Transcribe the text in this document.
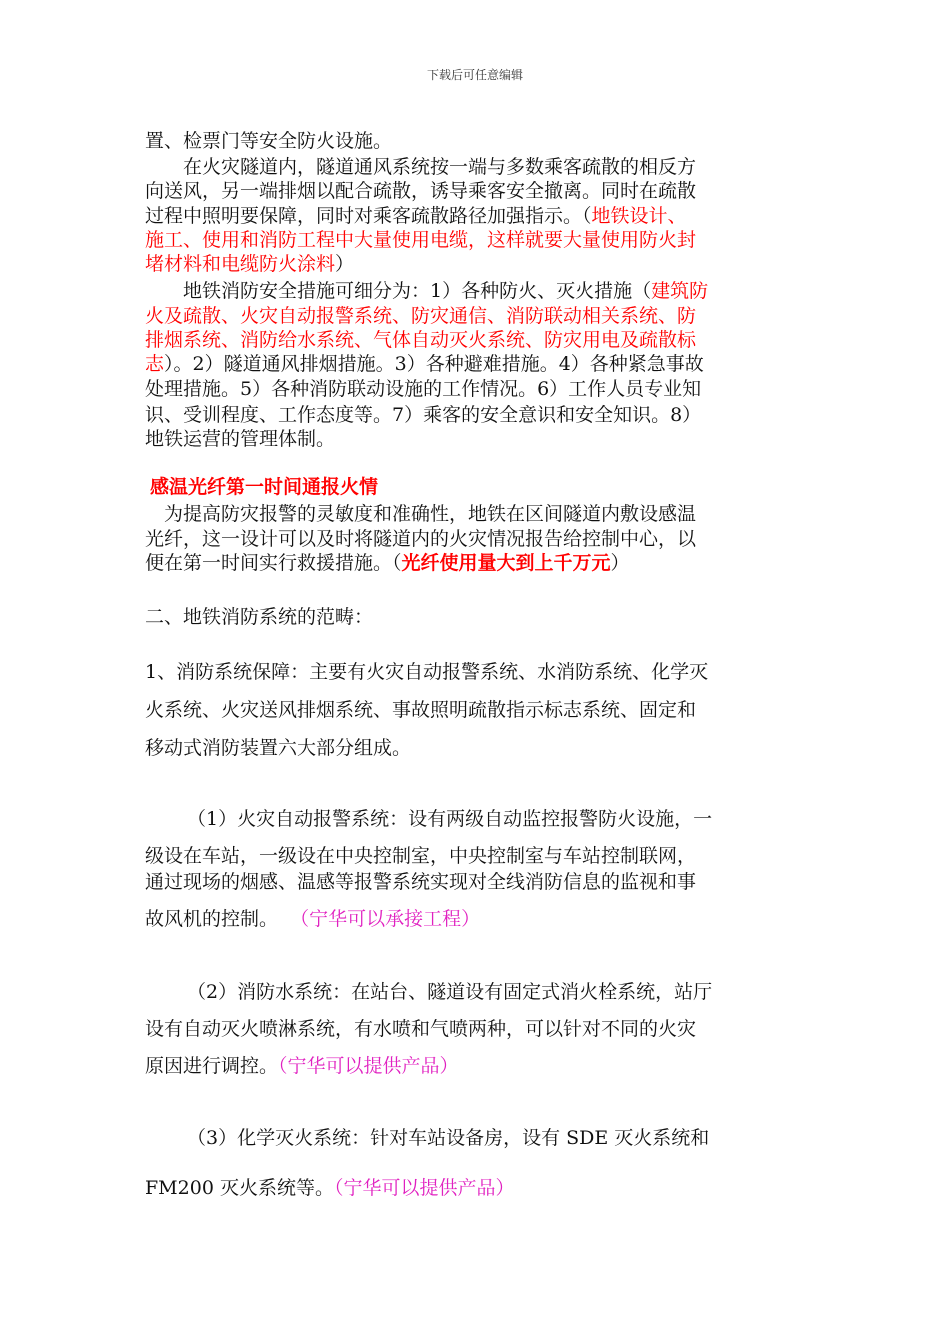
下载后可任意编辑
置、检票门等安全防火设施。
　　在火灾隧道内，隧道通风系统按一端与多数乘客疏散的相反方
向送风，另一端排烟以配合疏散，诱导乘客安全撤离。同时在疏散
过程中照明要保障，同时对乘客疏散路径加强指示。（地铁设计、
施工、使用和消防工程中大量使用电缆，这样就要大量使用防火封
堵材料和电缆防火涂料）
　　地铁消防安全措施可细分为：1）各种防火、灭火措施（建筑防
火及疏散、火灾自动报警系统、防灾通信、消防联动相关系统、防
排烟系统、消防给水系统、气体自动灭火系统、防灾用电及疏散标
志）。2）隧道通风排烟措施。3）各种避难措施。4）各种紧急事故
处理措施。5）各种消防联动设施的工作情况。6）工作人员专业知
识、受训程度、工作态度等。7）乘客的安全意识和安全知识。8）
地铁运营的管理体制。
感温光纤第一时间通报火情
　为提高防灾报警的灵敏度和准确性，地铁在区间隧道内敷设感温
光纤，这一设计可以及时将隧道内的火灾情况报告给控制中心，以
便在第一时间实行救援措施。（光纤使用量大到上千万元）
二、地铁消防系统的范畴：
1、消防系统保障：主要有火灾自动报警系统、水消防系统、化学灭
火系统、火灾送风排烟系统、事故照明疏散指示标志系统、固定和
移动式消防装置六大部分组成。
（1）火灾自动报警系统：设有两级自动监控报警防火设施，一
级设在车站，一级设在中央控制室，中央控制室与车站控制联网，
通过现场的烟感、温感等报警系统实现对全线消防信息的监视和事
故风机的控制。 （宁华可以承接工程）
（2）消防水系统：在站台、隧道设有固定式消火栓系统，站厅
设有自动灭火喷淋系统，有水喷和气喷两种，可以针对不同的火灾
原因进行调控。（宁华可以提供产品）
（3）化学灭火系统：针对车站设备房，设有 SDE 灭火系统和
FM200 灭火系统等。（宁华可以提供产品）
